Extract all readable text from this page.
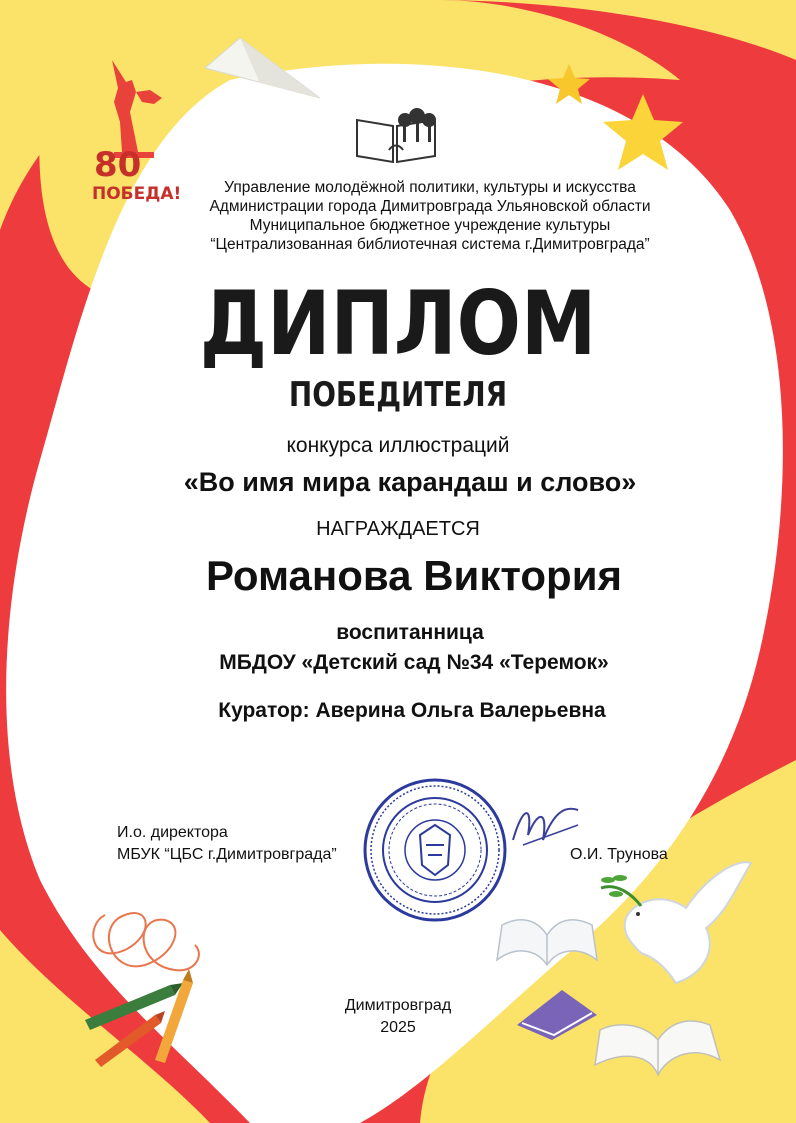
80
ПОБЕДА!	Управление молодёжной политики, культуры и искусства
Администрации города Димитровграда Ульяновской области
Муниципальное бюджетное учреждение культуры
“Централизованная библиотечная система г.Димитровграда”
ДИПЛОМ
ПОБЕДИТЕЛЯ
конкурса иллюстраций
«Во имя мира карандаш и слово»
НАГРАЖДАЕТСЯ
Романова Виктория
воспитанница
МБДОУ «Детский сад №34 «Теремок»
Куратор: Аверина Ольга Валерьевна
И.о. директора
МБУК “ЦБС г.Димитровграда”	О.И. Трунова
Димитровград
2025
